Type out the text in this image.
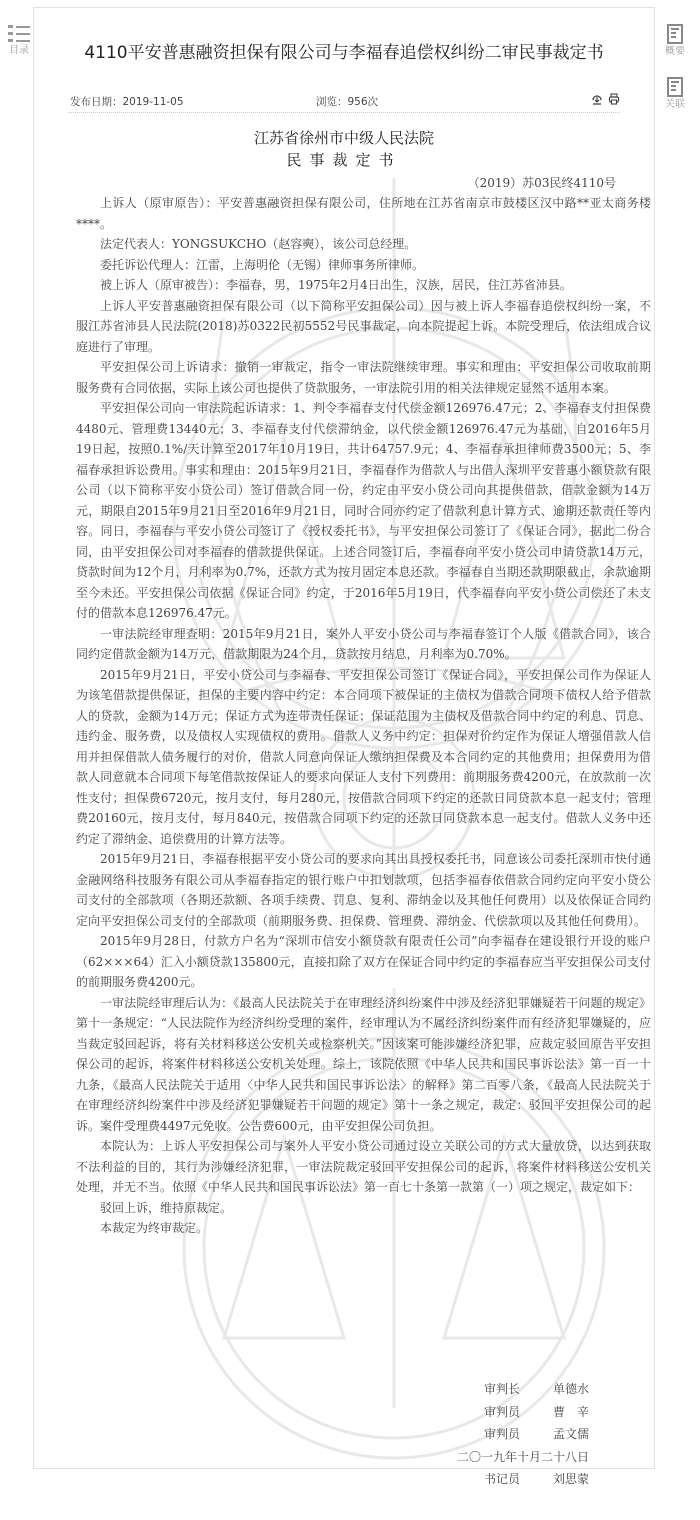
目录	概要
关联
4110平安普惠融资担保有限公司与李福春追偿权纠纷二审民事裁定书
发布日期：2019-11-05	浏览：956次
江苏省徐州市中级人民法院
民事裁定书
（2019）苏03民终4110号

上诉人（原审原告）：平安普惠融资担保有限公司，住所地在江苏省南京市鼓楼区汉中路**亚太商务楼****。

法定代表人：YONGSUKCHO（赵容奭），该公司总经理。

委托诉讼代理人：江雷，上海明伦（无锡）律师事务所律师。

被上诉人（原审被告）：李福春，男，1975年2月4日出生，汉族，居民，住江苏省沛县。

上诉人平安普惠融资担保有限公司（以下简称平安担保公司）因与被上诉人李福春追偿权纠纷一案，不服江苏省沛县人民法院(2018)苏0322民初5552号民事裁定，向本院提起上诉。本院受理后，依法组成合议庭进行了审理。

平安担保公司上诉请求：撤销一审裁定，指令一审法院继续审理。事实和理由：平安担保公司收取前期服务费有合同依据，实际上该公司也提供了贷款服务，一审法院引用的相关法律规定显然不适用本案。

平安担保公司向一审法院起诉请求：1、判令李福春支付代偿金额126976.47元；2、李福春支付担保费4480元、管理费13440元；3、李福春支付代偿滞纳金，以代偿金额126976.47元为基础，自2016年5月19日起，按照0.1%/天计算至2017年10月19日，共计64757.9元；4、李福春承担律师费3500元；5、李福春承担诉讼费用。事实和理由：2015年9月21日，李福春作为借款人与出借人深圳平安普惠小额贷款有限公司（以下简称平安小贷公司）签订借款合同一份，约定由平安小贷公司向其提供借款，借款金额为14万元，期限自2015年9月21日至2016年9月21日，同时合同亦约定了借款利息计算方式、逾期还款责任等内容。同日，李福春与平安小贷公司签订了《授权委托书》，与平安担保公司签订了《保证合同》，据此二份合同，由平安担保公司对李福春的借款提供保证。上述合同签订后，李福春向平安小贷公司申请贷款14万元，贷款时间为12个月，月利率为0.7%，还款方式为按月固定本息还款。李福春自当期还款期限截止，余款逾期至今未还。平安担保公司依据《保证合同》约定，于2016年5月19日，代李福春向平安小贷公司偿还了未支付的借款本息126976.47元。

一审法院经审理查明：2015年9月21日，案外人平安小贷公司与李福春签订个人版《借款合同》，该合同约定借款金额为14万元，借款期限为24个月，贷款按月结息，月利率为0.70%。

2015年9月21日，平安小贷公司与李福春、平安担保公司签订《保证合同》，平安担保公司作为保证人为该笔借款提供保证，担保的主要内容中约定：本合同项下被保证的主债权为借款合同项下债权人给予借款人的贷款，金额为14万元；保证方式为连带责任保证；保证范围为主债权及借款合同中约定的利息、罚息、违约金、服务费，以及债权人实现债权的费用。借款人义务中约定：担保对价约定作为保证人增强借款人信用并担保借款人债务履行的对价，借款人同意向保证人缴纳担保费及本合同约定的其他费用；担保费用为借款人同意就本合同项下每笔借款按保证人的要求向保证人支付下列费用：前期服务费4200元，在放款前一次性支付；担保费6720元，按月支付，每月280元，按借款合同项下约定的还款日同贷款本息一起支付；管理费20160元，按月支付，每月840元，按借款合同项下约定的还款日同贷款本息一起支付。借款人义务中还约定了滞纳金、追偿费用的计算方法等。

2015年9月21日，李福春根据平安小贷公司的要求向其出具授权委托书，同意该公司委托深圳市快付通金融网络科技服务有限公司从李福春指定的银行账户中扣划款项，包括李福春依借款合同约定向平安小贷公司支付的全部款项（各期还款额、各项手续费、罚息、复利、滞纳金以及其他任何费用）以及依保证合同约定向平安担保公司支付的全部款项（前期服务费、担保费、管理费、滞纳金、代偿款项以及其他任何费用）。

2015年9月28日，付款方户名为“深圳市信安小额贷款有限责任公司”向李福春在建设银行开设的账户（62×××64）汇入小额贷款135800元，直接扣除了双方在保证合同中约定的李福春应当平安担保公司支付的前期服务费4200元。

一审法院经审理后认为：《最高人民法院关于在审理经济纠纷案件中涉及经济犯罪嫌疑若干问题的规定》第十一条规定：“人民法院作为经济纠纷受理的案件，经审理认为不属经济纠纷案件而有经济犯罪嫌疑的，应当裁定驳回起诉，将有关材料移送公安机关或检察机关。”因该案可能涉嫌经济犯罪，应裁定驳回原告平安担保公司的起诉，将案件材料移送公安机关处理。综上，该院依照《中华人民共和国民事诉讼法》第一百一十九条，《最高人民法院关于适用〈中华人民共和国民事诉讼法〉的解释》第二百零八条，《最高人民法院关于在审理经济纠纷案件中涉及经济犯罪嫌疑若干问题的规定》第十一条之规定，裁定：驳回平安担保公司的起诉。案件受理费4497元免收。公告费600元，由平安担保公司负担。

本院认为：上诉人平安担保公司与案外人平安小贷公司通过设立关联公司的方式大量放贷，以达到获取不法利益的目的，其行为涉嫌经济犯罪，一审法院裁定驳回平安担保公司的起诉，将案件材料移送公安机关处理，并无不当。依照《中华人民共和国民事诉讼法》第一百七十条第一款第（一）项之规定，裁定如下：

驳回上诉，维持原裁定。

本裁定为终审裁定。

审判长	单德水
审判员	曹　辛
审判员	孟文儒
二〇一九年十月二十八日
书记员	刘思蒙
